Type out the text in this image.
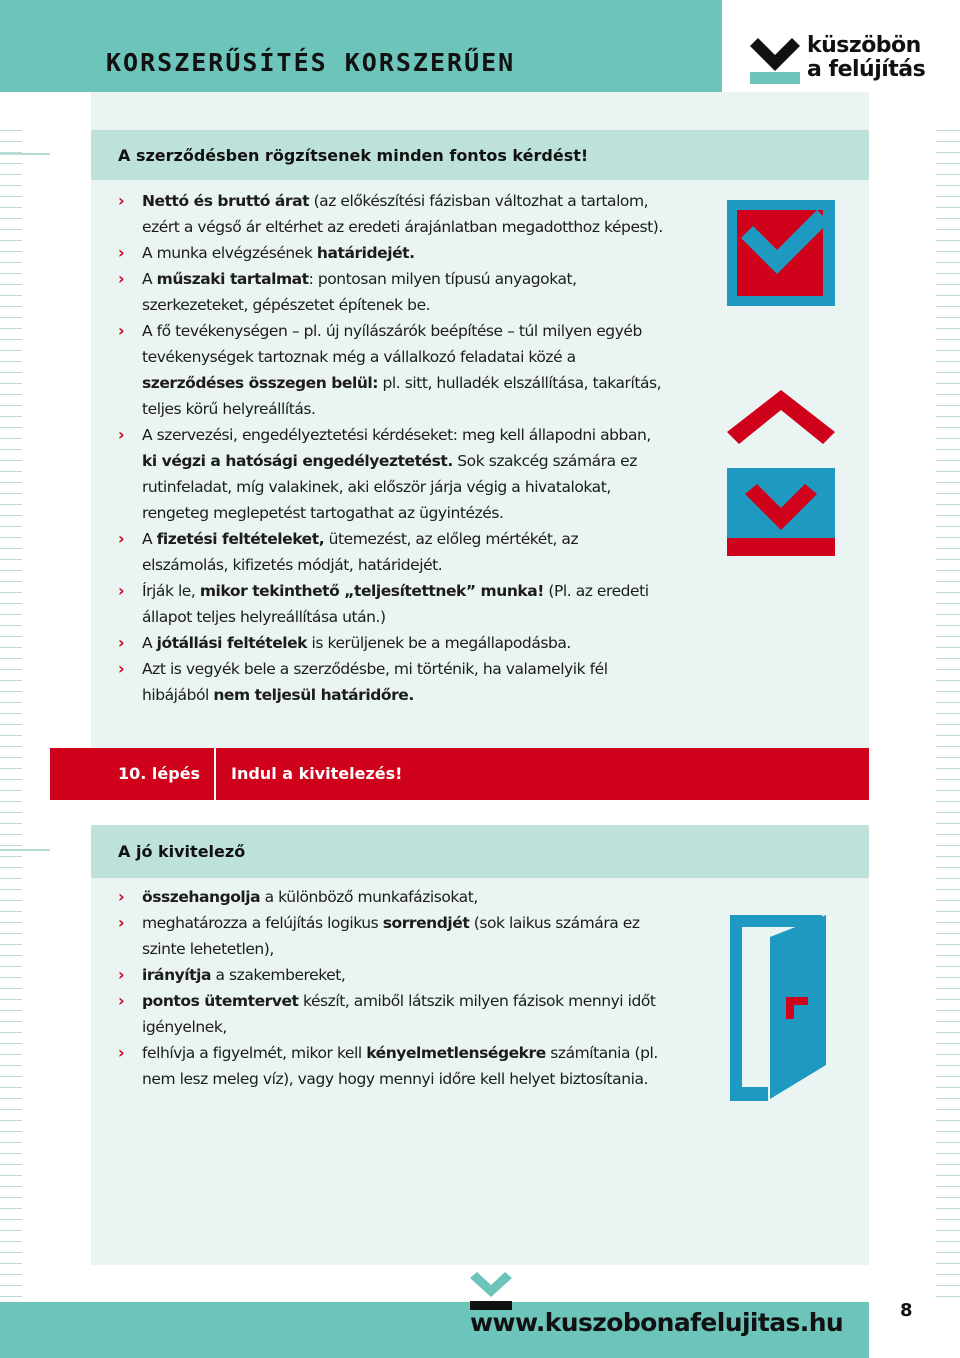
KORSZERŰSÍTÉS KORSZERŰEN
küszöbön
a felújítás
A szerződésben rögzítsenek minden fontos kérdést!
› Nettó és bruttó árat (az előkészítési fázisban változhat a tartalom, ezért a végső ár eltérhet az eredeti árajánlatban megadotthoz képest).
› A munka elvégzésének határidejét.
› A műszaki tartalmat: pontosan milyen típusú anyagokat, szerkezeteket, gépészetet építenek be.
› A fő tevékenységen – pl. új nyílászárók beépítése – túl milyen egyéb tevékenységek tartoznak még a vállalkozó feladatai közé a szerződéses összegen belül: pl. sitt, hulladék elszállítása, takarítás, teljes körű helyreállítás.
› A szervezési, engedélyeztetési kérdéseket: meg kell állapodni abban, ki végzi a hatósági engedélyeztetést. Sok szakcég számára ez rutinfeladat, míg valakinek, aki először járja végig a hivatalokat, rengeteg meglepetést tartogathat az ügyintézés.
› A fizetési feltételeket, ütemezést, az előleg mértékét, az elszámolás, kifizetés módját, határidejét.
› Írják le, mikor tekinthető „teljesítettnek” munka! (Pl. az eredeti állapot teljes helyreállítása után.)
› A jótállási feltételek is kerüljenek be a megállapodásba.
› Azt is vegyék bele a szerződésbe, mi történik, ha valamelyik fél hibájából nem teljesül határidőre.
10. lépés Indul a kivitelezés!
A jó kivitelező
› összehangolja a különböző munkafázisokat,
› meghatározza a felújítás logikus sorrendjét (sok laikus számára ez szinte lehetetlen),
› irányítja a szakembereket,
› pontos ütemtervet készít, amiből látszik milyen fázisok mennyi időt igényelnek,
› felhívja a figyelmét, mikor kell kényelmetlenségekre számítania (pl. nem lesz meleg víz), vagy hogy mennyi időre kell helyet biztosítania.
www.kuszobonafelujitas.hu	8
